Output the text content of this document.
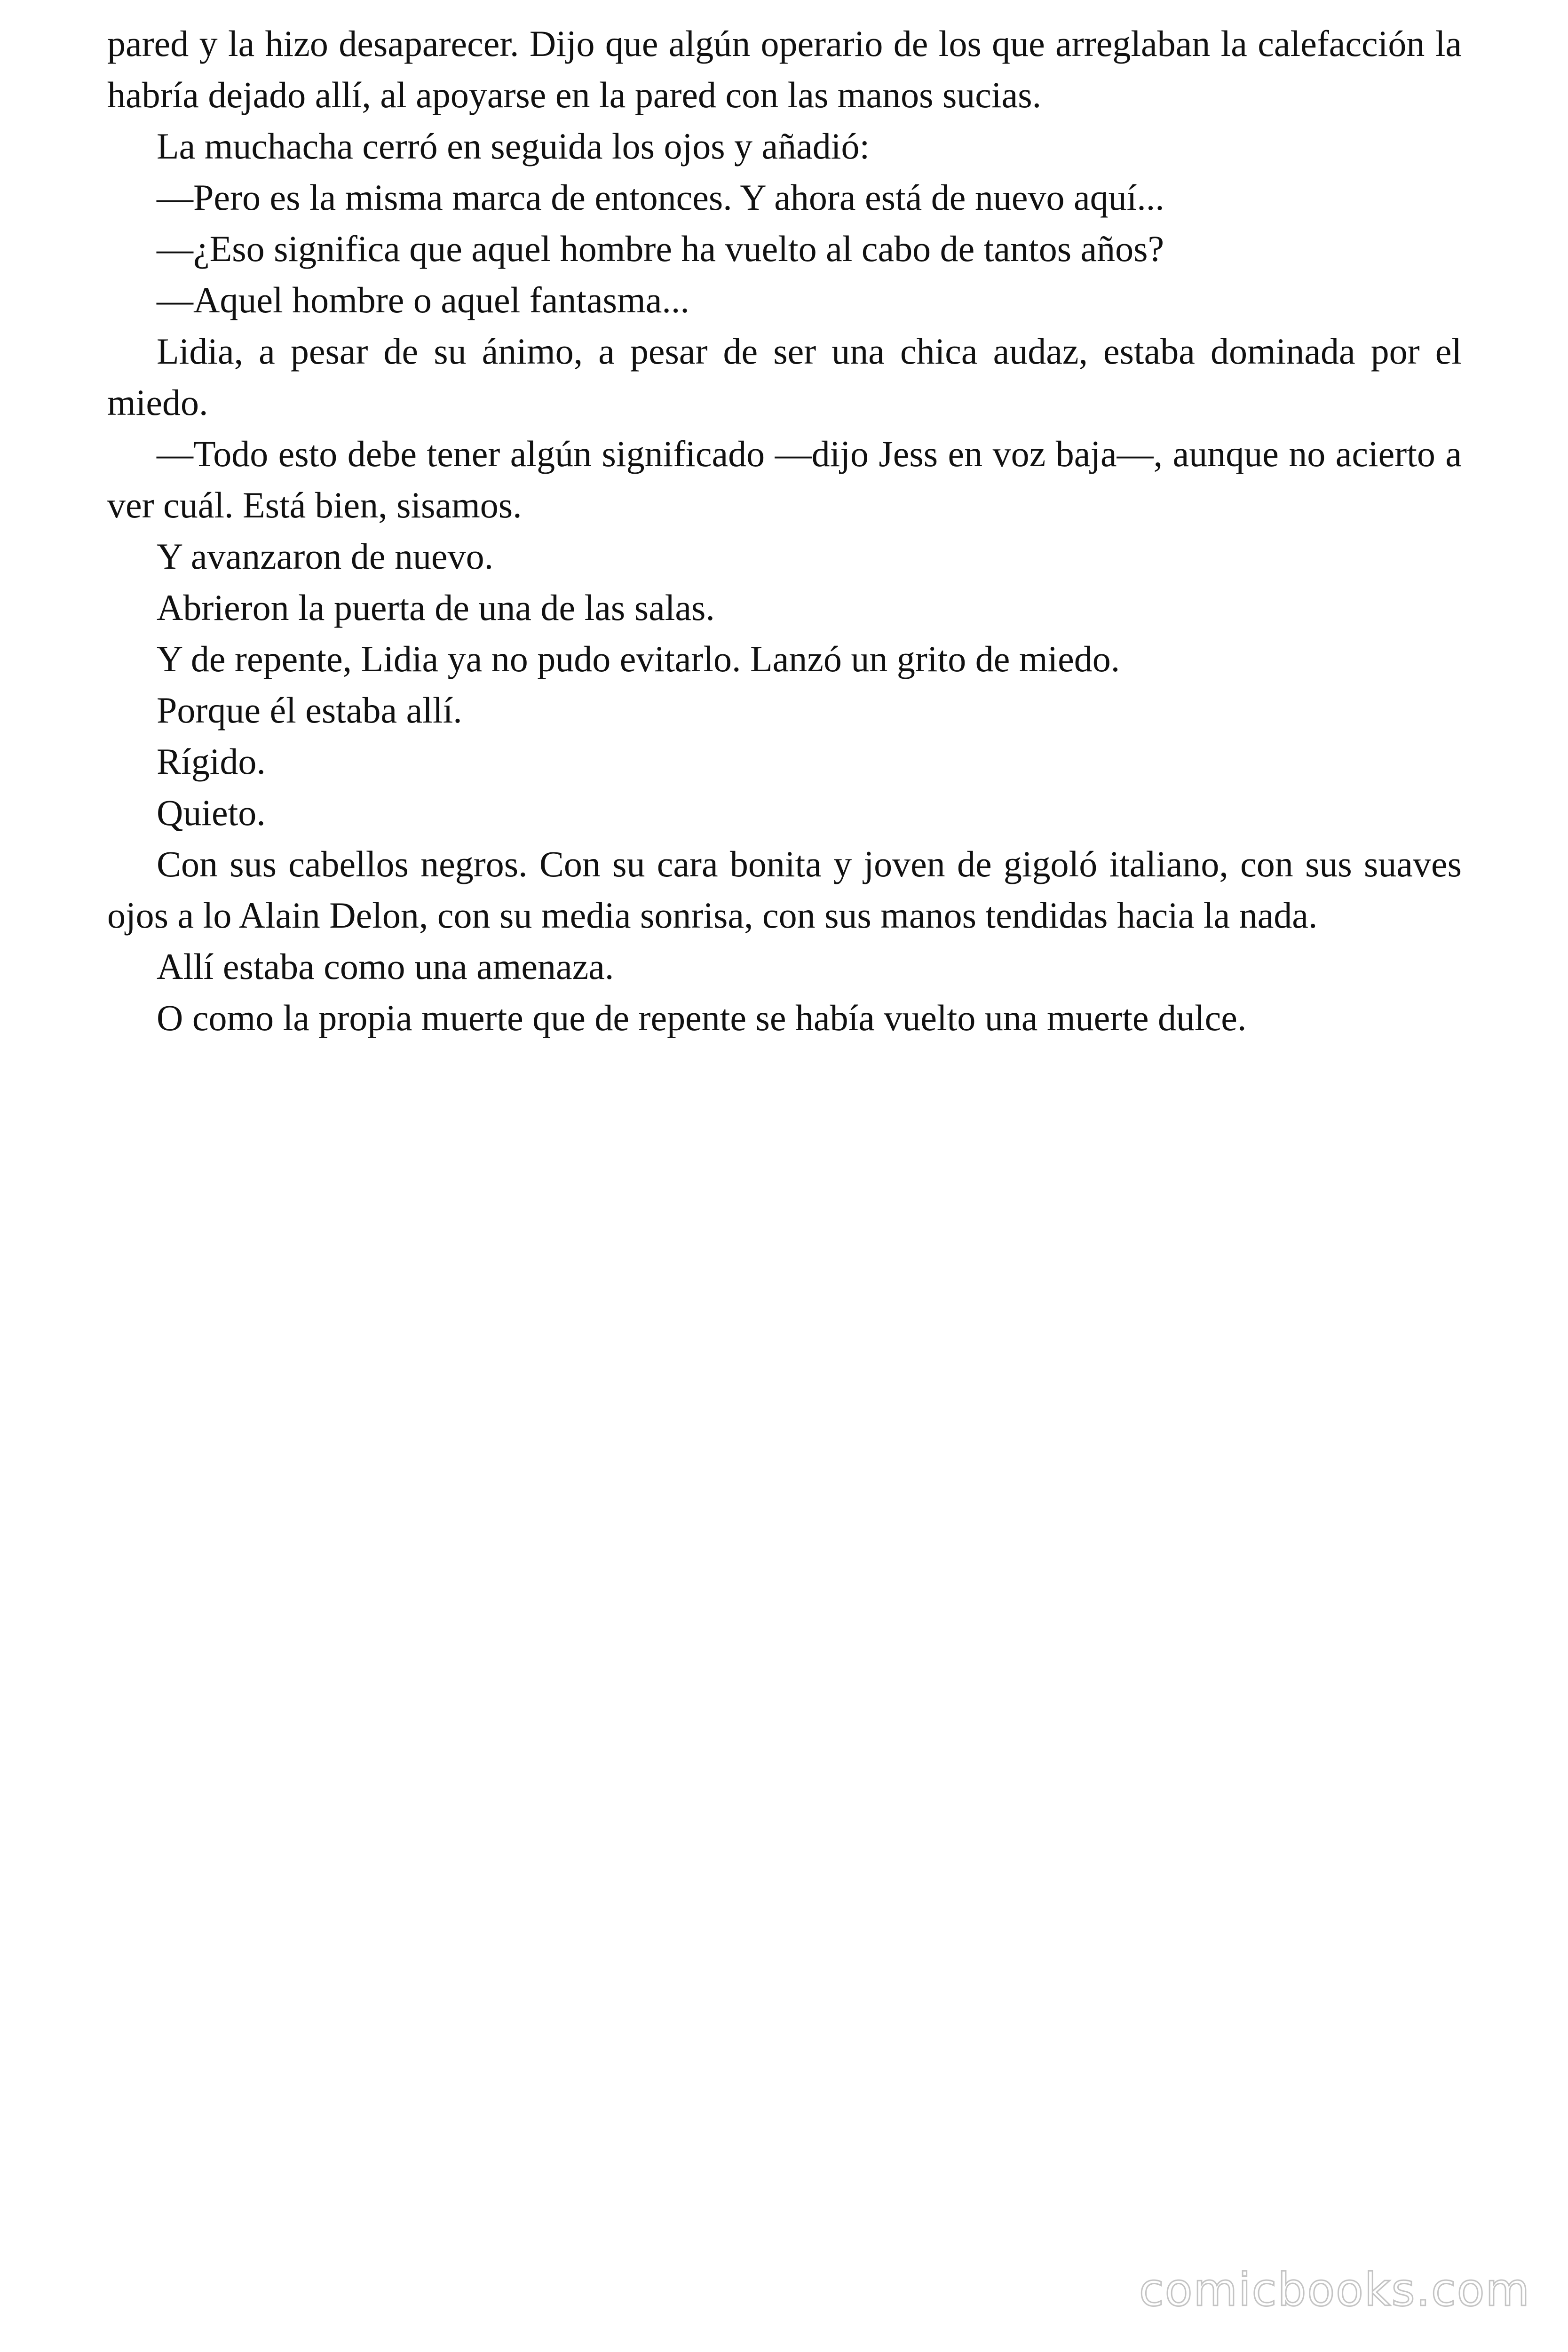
pared y la hizo desaparecer. Dijo que algún operario de los que arreglaban la calefacción la habría dejado allí, al apoyarse en la pared con las manos sucias.

La muchacha cerró en seguida los ojos y añadió:

—Pero es la misma marca de entonces. Y ahora está de nuevo aquí...

—¿Eso significa que aquel hombre ha vuelto al cabo de tantos años?

—Aquel hombre o aquel fantasma...

Lidia, a pesar de su ánimo, a pesar de ser una chica audaz, estaba dominada por el miedo.

—Todo esto debe tener algún significado —dijo Jess en voz baja—, aunque no acierto a ver cuál. Está bien, sisamos.

Y avanzaron de nuevo.

Abrieron la puerta de una de las salas.

Y de repente, Lidia ya no pudo evitarlo. Lanzó un grito de miedo.

Porque él estaba allí.

Rígido.

Quieto.

Con sus cabellos negros. Con su cara bonita y joven de gigoló italiano, con sus suaves ojos a lo Alain Delon, con su media sonrisa, con sus manos tendidas hacia la nada.

Allí estaba como una amenaza.

O como la propia muerte que de repente se había vuelto una muerte dulce.

comicbooks.com
